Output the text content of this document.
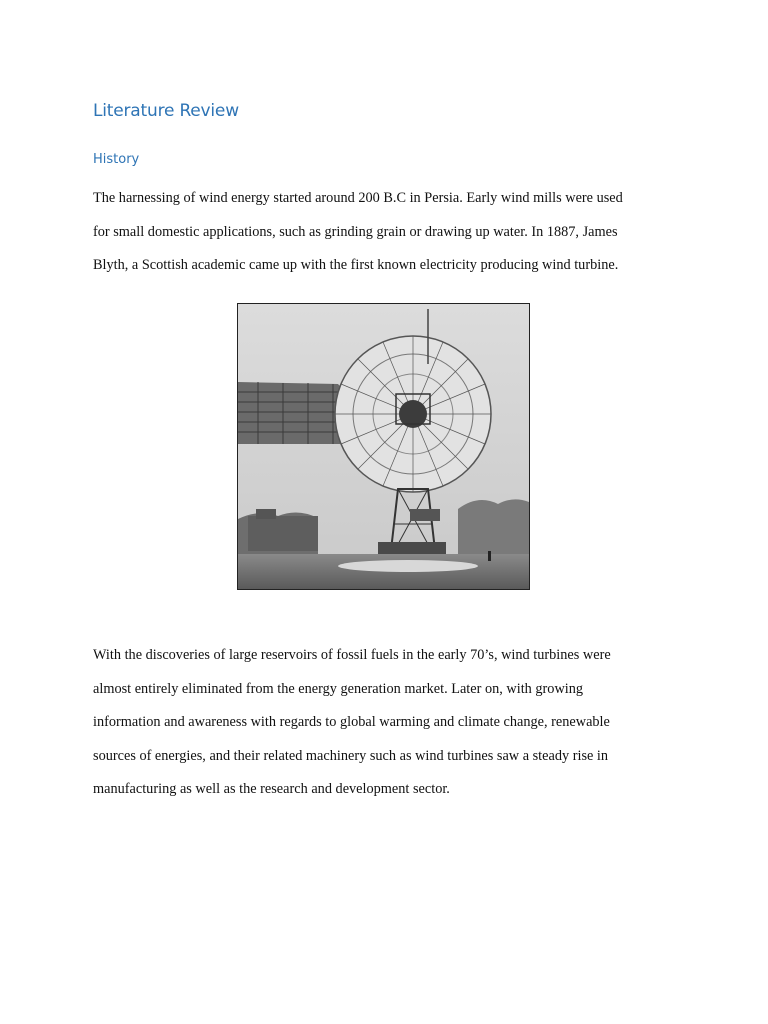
Literature Review
History

The harnessing of wind energy started around 200 B.C in Persia. Early wind mills were used
for small domestic applications, such as grinding grain or drawing up water. In 1887, James
Blyth, a Scottish academic came up with the first known electricity producing wind turbine.

With the discoveries of large reservoirs of fossil fuels in the early 70’s, wind turbines were
almost entirely eliminated from the energy generation market. Later on, with growing
information and awareness with regards to global warming and climate change, renewable
sources of energies, and their related machinery such as wind turbines saw a steady rise in
manufacturing as well as the research and development sector.
